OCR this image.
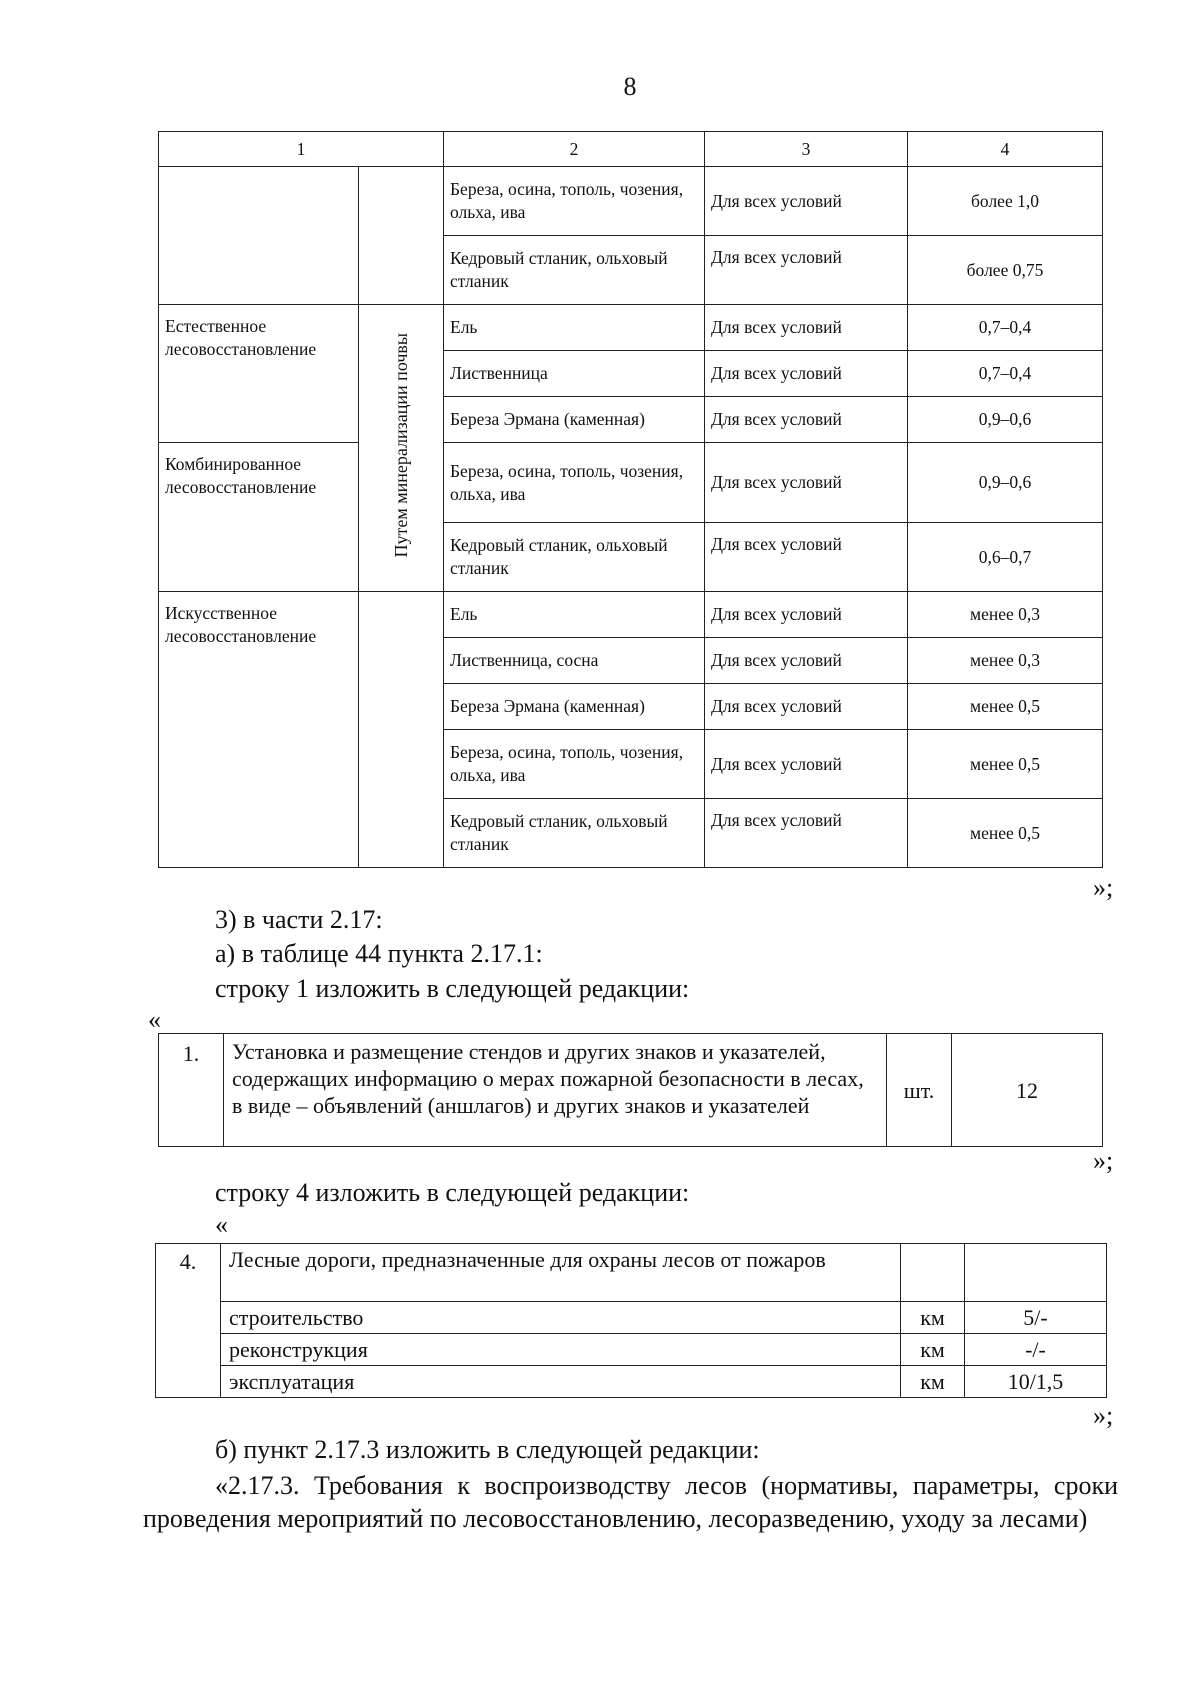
8
1		2	3	4
		Береза, осина, тополь, чозения, ольха, ива	Для всех условий	более 1,0
		Кедровый стланик, ольховый стланик	Для всех условий	более 0,75
Естественное лесовосстановление	Путем минерализации почвы	Ель	Для всех условий	0,7–0,4
		Лиственница	Для всех условий	0,7–0,4
		Береза Эрмана (каменная)	Для всех условий	0,9–0,6
Комбинированное лесовосстановление		Береза, осина, тополь, чозения, ольха, ива	Для всех условий	0,9–0,6
		Кедровый стланик, ольховый стланик	Для всех условий	0,6–0,7
Искусственное лесовосстановление		Ель	Для всех условий	менее 0,3
		Лиственница, сосна	Для всех условий	менее 0,3
		Береза Эрмана (каменная)	Для всех условий	менее 0,5
		Береза, осина, тополь, чозения, ольха, ива	Для всех условий	менее 0,5
		Кедровый стланик, ольховый стланик	Для всех условий	менее 0,5
»;
3) в части 2.17:
а) в таблице 44 пункта 2.17.1:
строку 1 изложить в следующей редакции:
«
1.	Установка и размещение стендов и других знаков и указателей, содержащих информацию о мерах пожарной безопасности в лесах, в виде – объявлений (аншлагов) и других знаков и указателей	шт.	12
»;
строку 4 изложить в следующей редакции:
«
4.	Лесные дороги, предназначенные для охраны лесов от пожаров		
	строительство	км	5/-
	реконструкция	км	-/-
	эксплуатация	км	10/1,5
»;
б) пункт 2.17.3 изложить в следующей редакции:
«2.17.3. Требования к воспроизводству лесов (нормативы, параметры, сроки проведения мероприятий по лесовосстановлению, лесоразведению, уходу за лесами)
